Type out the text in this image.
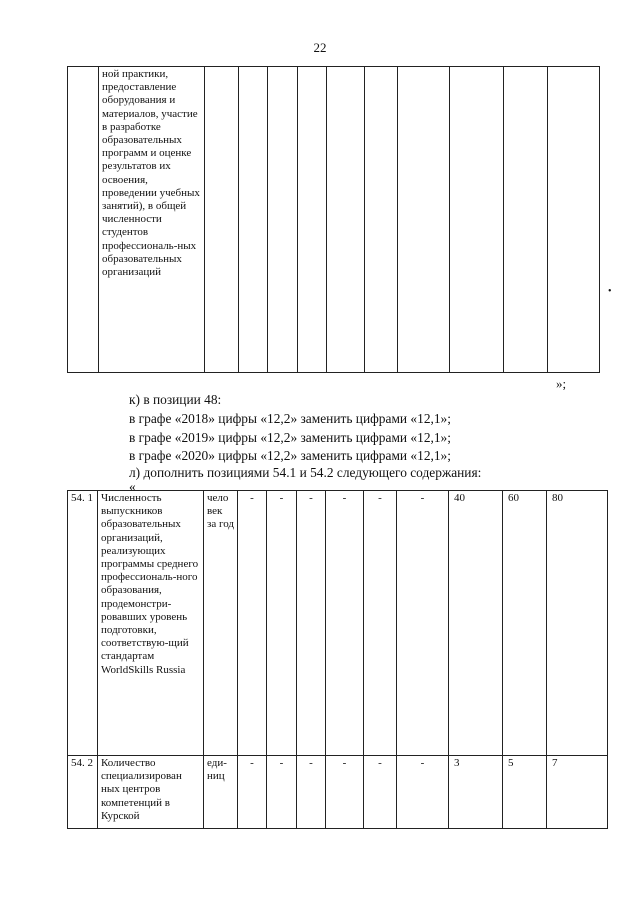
22
	ной практики, предоставление оборудования и материалов, участие в разработке образовательных программ и оценке результатов их освоения, проведении учебных занятий), в общей численности студентов профессиональ-ных образовательных организаций										
»;
•
к) в позиции 48:
в графе «2018» цифры «12,2» заменить цифрами «12,1»;
в графе «2019» цифры «12,2» заменить цифрами «12,1»;
в графе «2020» цифры «12,2» заменить цифрами «12,1»;
л) дополнить позициями 54.1 и 54.2 следующего содержания:
«
54. 1	Численность выпускников образовательных организаций, реализующих программы среднего профессиональ-ного образования, продемонстри-ровавших уровень подготовки, соответствую-щий стандартам WorldSkills Russia	чело век за год	-	-	-	-	-	-	40	60	80
54. 2	Количество специализирован ных центров компетенций в Курской	еди-ниц	-	-	-	-	-	-	3	5	7
